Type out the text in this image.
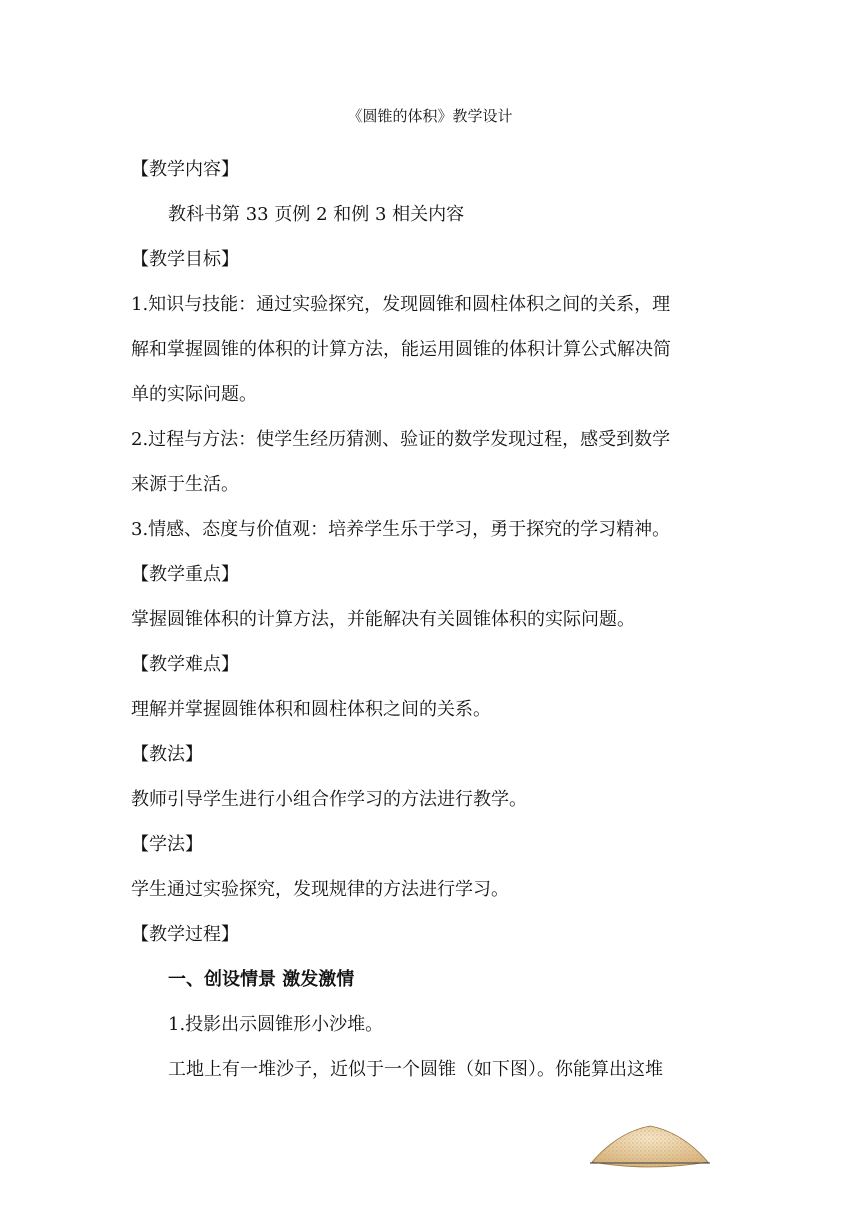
《圆锥的体积》教学设计
【教学内容】
教科书第 33 页例 2 和例 3 相关内容
【教学目标】
1.知识与技能：通过实验探究，发现圆锥和圆柱体积之间的关系，理
解和掌握圆锥的体积的计算方法，能运用圆锥的体积计算公式解决简
单的实际问题。
2.过程与方法：使学生经历猜测、验证的数学发现过程，感受到数学
来源于生活。
3.情感、态度与价值观：培养学生乐于学习，勇于探究的学习精神。
【教学重点】
掌握圆锥体积的计算方法，并能解决有关圆锥体积的实际问题。
【教学难点】
理解并掌握圆锥体积和圆柱体积之间的关系。
【教法】
教师引导学生进行小组合作学习的方法进行教学。
【学法】
学生通过实验探究，发现规律的方法进行学习。
【教学过程】
一、创设情景 激发激情
1.投影出示圆锥形小沙堆。
工地上有一堆沙子，近似于一个圆锥（如下图）。你能算出这堆
